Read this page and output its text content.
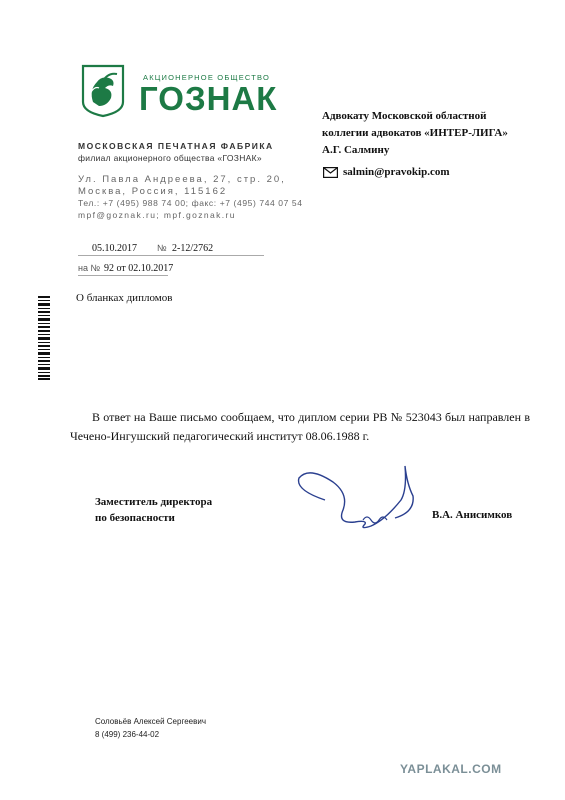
АКЦИОНЕРНОЕ ОБЩЕСТВО
ГОЗНАК
МОСКОВСКАЯ ПЕЧАТНАЯ ФАБРИКА
филиал акционерного общества «ГОЗНАК»
Ул. Павла Андреева, 27, стр. 20,
Москва, Россия, 115162
Тел.: +7 (495) 988 74 00; факс: +7 (495) 744 07 54
mpf@goznak.ru; mpf.goznak.ru
Адвокату Московской областной
коллегии адвокатов «ИНТЕР-ЛИГА»
А.Г. Салмину
salmin@pravokip.com
05.10.2017 № 2-12/2762
на № 92 от 02.10.2017
О бланках дипломов
В ответ на Ваше письмо сообщаем, что диплом серии РВ № 523043 был направлен в Чечено-Ингушский педагогический институт 08.06.1988 г.
Заместитель директора
по безопасности	В.А. Анисимков
Соловьёв Алексей Сергеевич
8 (499) 236-44-02
YAPLAKAL.COM
